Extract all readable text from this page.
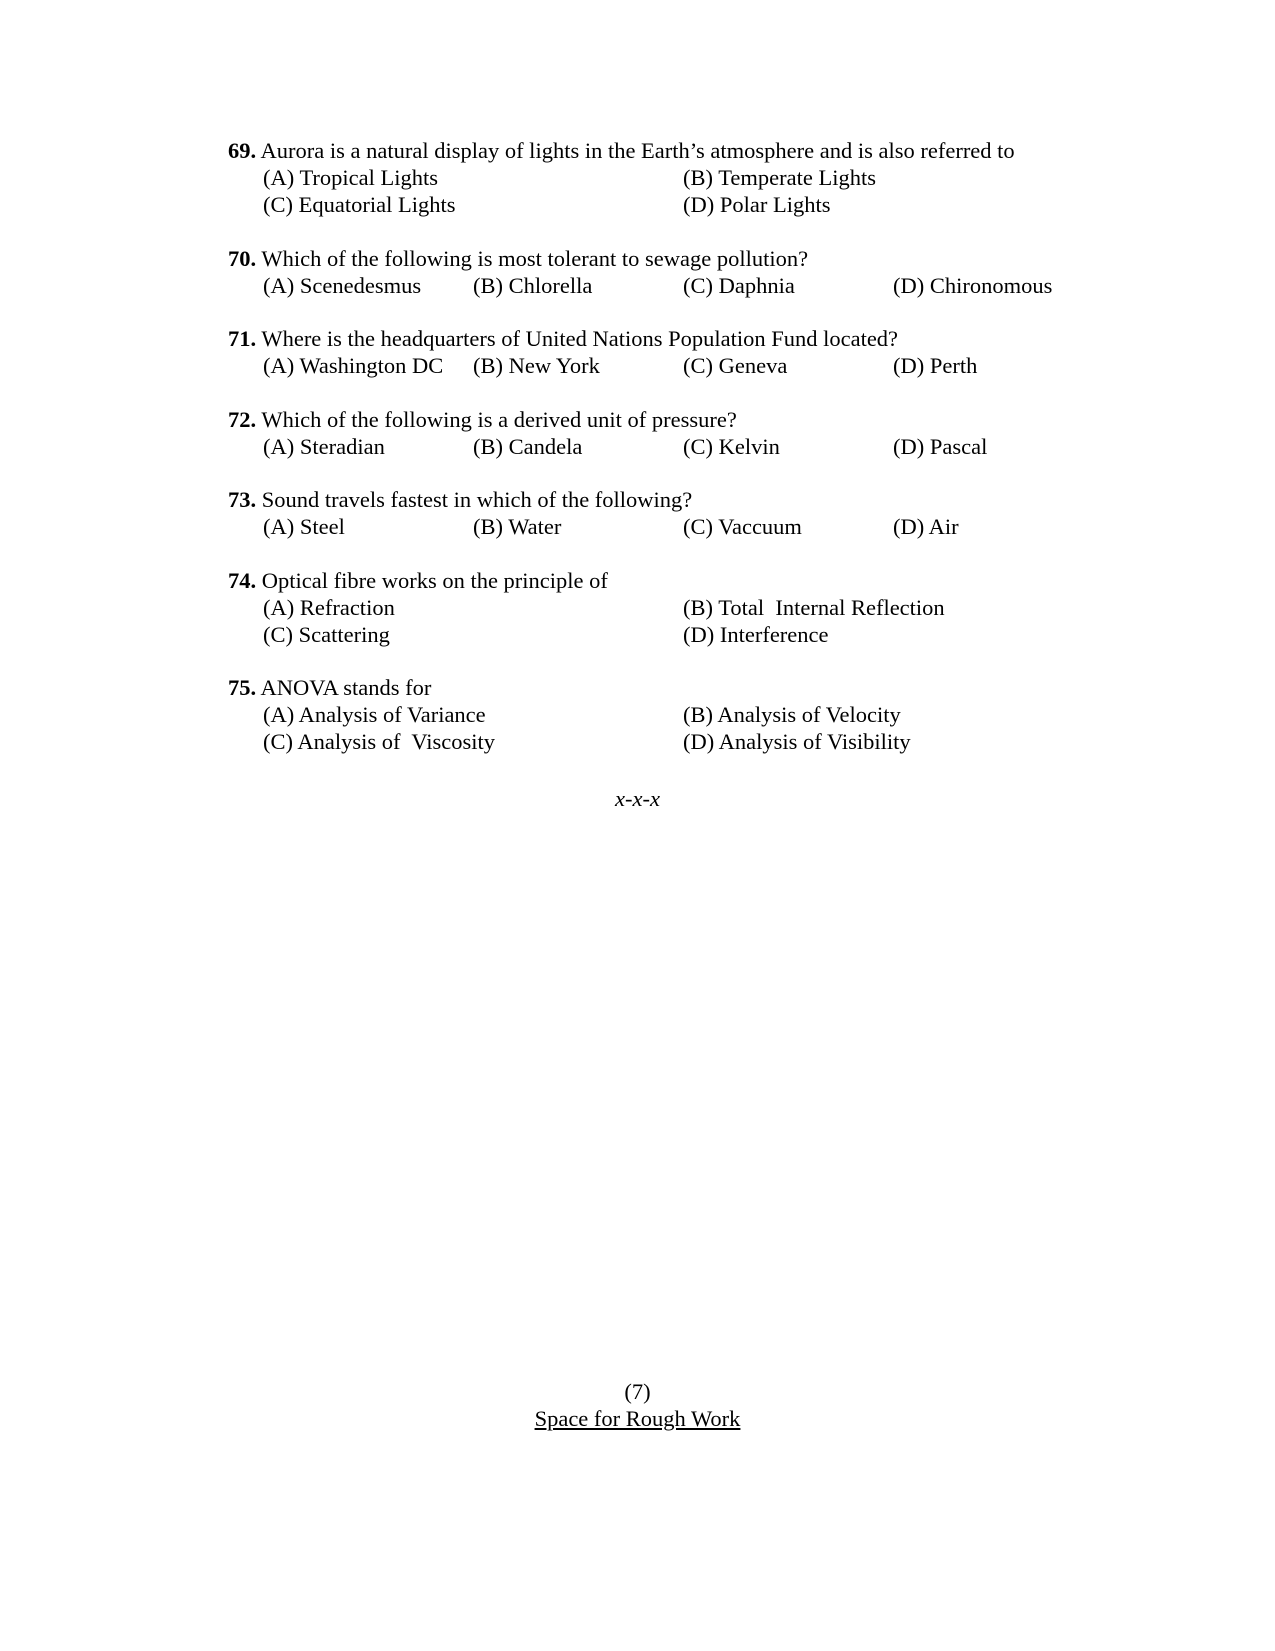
69. Aurora is a natural display of lights in the Earth’s atmosphere and is also referred to
(A) Tropical Lights	(B) Temperate Lights
(C) Equatorial Lights	(D) Polar Lights
70. Which of the following is most tolerant to sewage pollution?
(A) Scenedesmus	(B) Chlorella	(C) Daphnia	(D) Chironomous
71. Where is the headquarters of United Nations Population Fund located?
(A) Washington DC	(B) New York	(C) Geneva	(D) Perth
72. Which of the following is a derived unit of pressure?
(A) Steradian	(B) Candela	(C) Kelvin	(D) Pascal
73. Sound travels fastest in which of the following?
(A) Steel	(B) Water	(C) Vaccuum	(D) Air
74. Optical fibre works on the principle of
(A) Refraction	(B) Total  Internal Reflection
(C) Scattering	(D) Interference
75. ANOVA stands for
(A) Analysis of Variance	(B) Analysis of Velocity
(C) Analysis of  Viscosity	(D) Analysis of Visibility
x-x-x
(7)
Space for Rough Work
